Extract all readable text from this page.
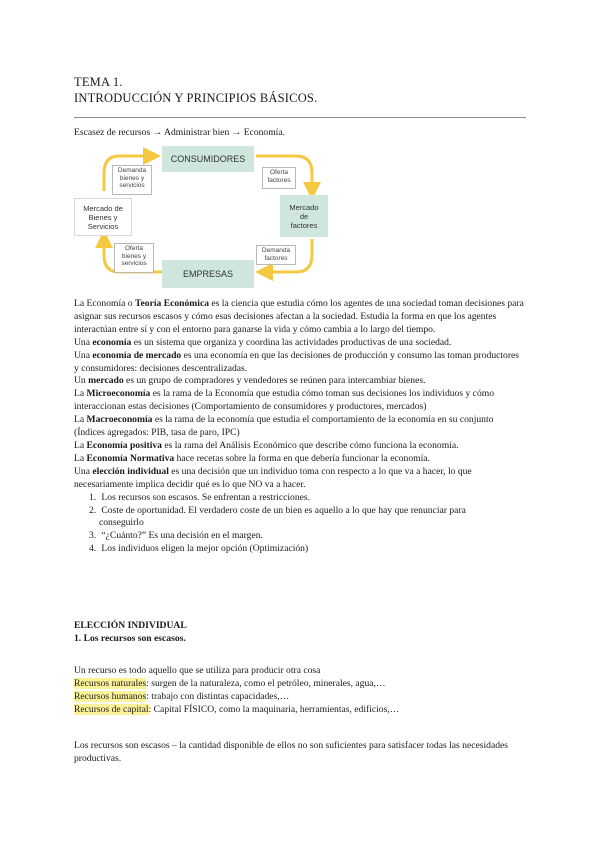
TEMA 1.
INTRODUCCIÓN Y PRINCIPIOS BÁSICOS.
Escasez de recursos → Administrar bien → Economía.
CONSUMIDORES
EMPRESAS
Mercado de
Bienes y
Servicios
Mercado
de
factores
Demanda
bienes y
servicios
Oferta
factores
Demanda
factores
Oferta
bienes y
servicios

La Economía o Teoría Económica es la ciencia que estudia cómo los agentes de una sociedad toman decisiones para asignar sus recursos escasos y cómo esas decisiones afectan a la sociedad. Estudia la forma en que los agentes interactúan entre sí y con el entorno para ganarse la vida y cómo cambia a lo largo del tiempo.

Una economía es un sistema que organiza y coordina las actividades productivas de una sociedad.

Una economía de mercado es una economía en que las decisiones de producción y consumo las toman productores y consumidores: decisiones descentralizadas.

Un mercado es un grupo de compradores y vendedores se reúnen para intercambiar bienes.

La Microeconomía es la rama de la Economía que estudia cómo toman sus decisiones los individuos y cómo interaccionan estas decisiones (Comportamiento de consumidores y productores, mercados)

La Macroeconomía es la rama de la economía que estudia el comportamiento de la economía en su conjunto (Índices agregados: PIB, tasa de paro, IPC)

La Economía positiva es la rama del Análisis Económico que describe cómo funciona la economía.

La Economía Normativa hace recetas sobre la forma en que debería funcionar la economía.

Una elección individual es una decisión que un individuo toma con respecto a lo que va a hacer, lo que necesariamente implica decidir qué es lo que NO va a hacer.

1. Los recursos son escasos. Se enfrentan a restricciones.
2. Coste de oportunidad. El verdadero coste de un bien es aquello a lo que hay que renunciar para
conseguirlo
3. “¿Cuánto?” Es una decisión en el margen.
4. Los individuos eligen la mejor opción (Optimización)

ELECCIÓN INDIVIDUAL

1. Los recursos son escasos.

Un recurso es todo aquello que se utiliza para producir otra cosa

Recursos naturales: surgen de la naturaleza, como el petróleo, minerales, agua,…

Recursos humanos: trabajo con distintas capacidades,…

Recursos de capital: Capital FÍSICO, como la maquinaria, herramientas, edificios,…

Los recursos son escasos – la cantidad disponible de ellos no son suficientes para satisfacer todas las necesidades productivas.
